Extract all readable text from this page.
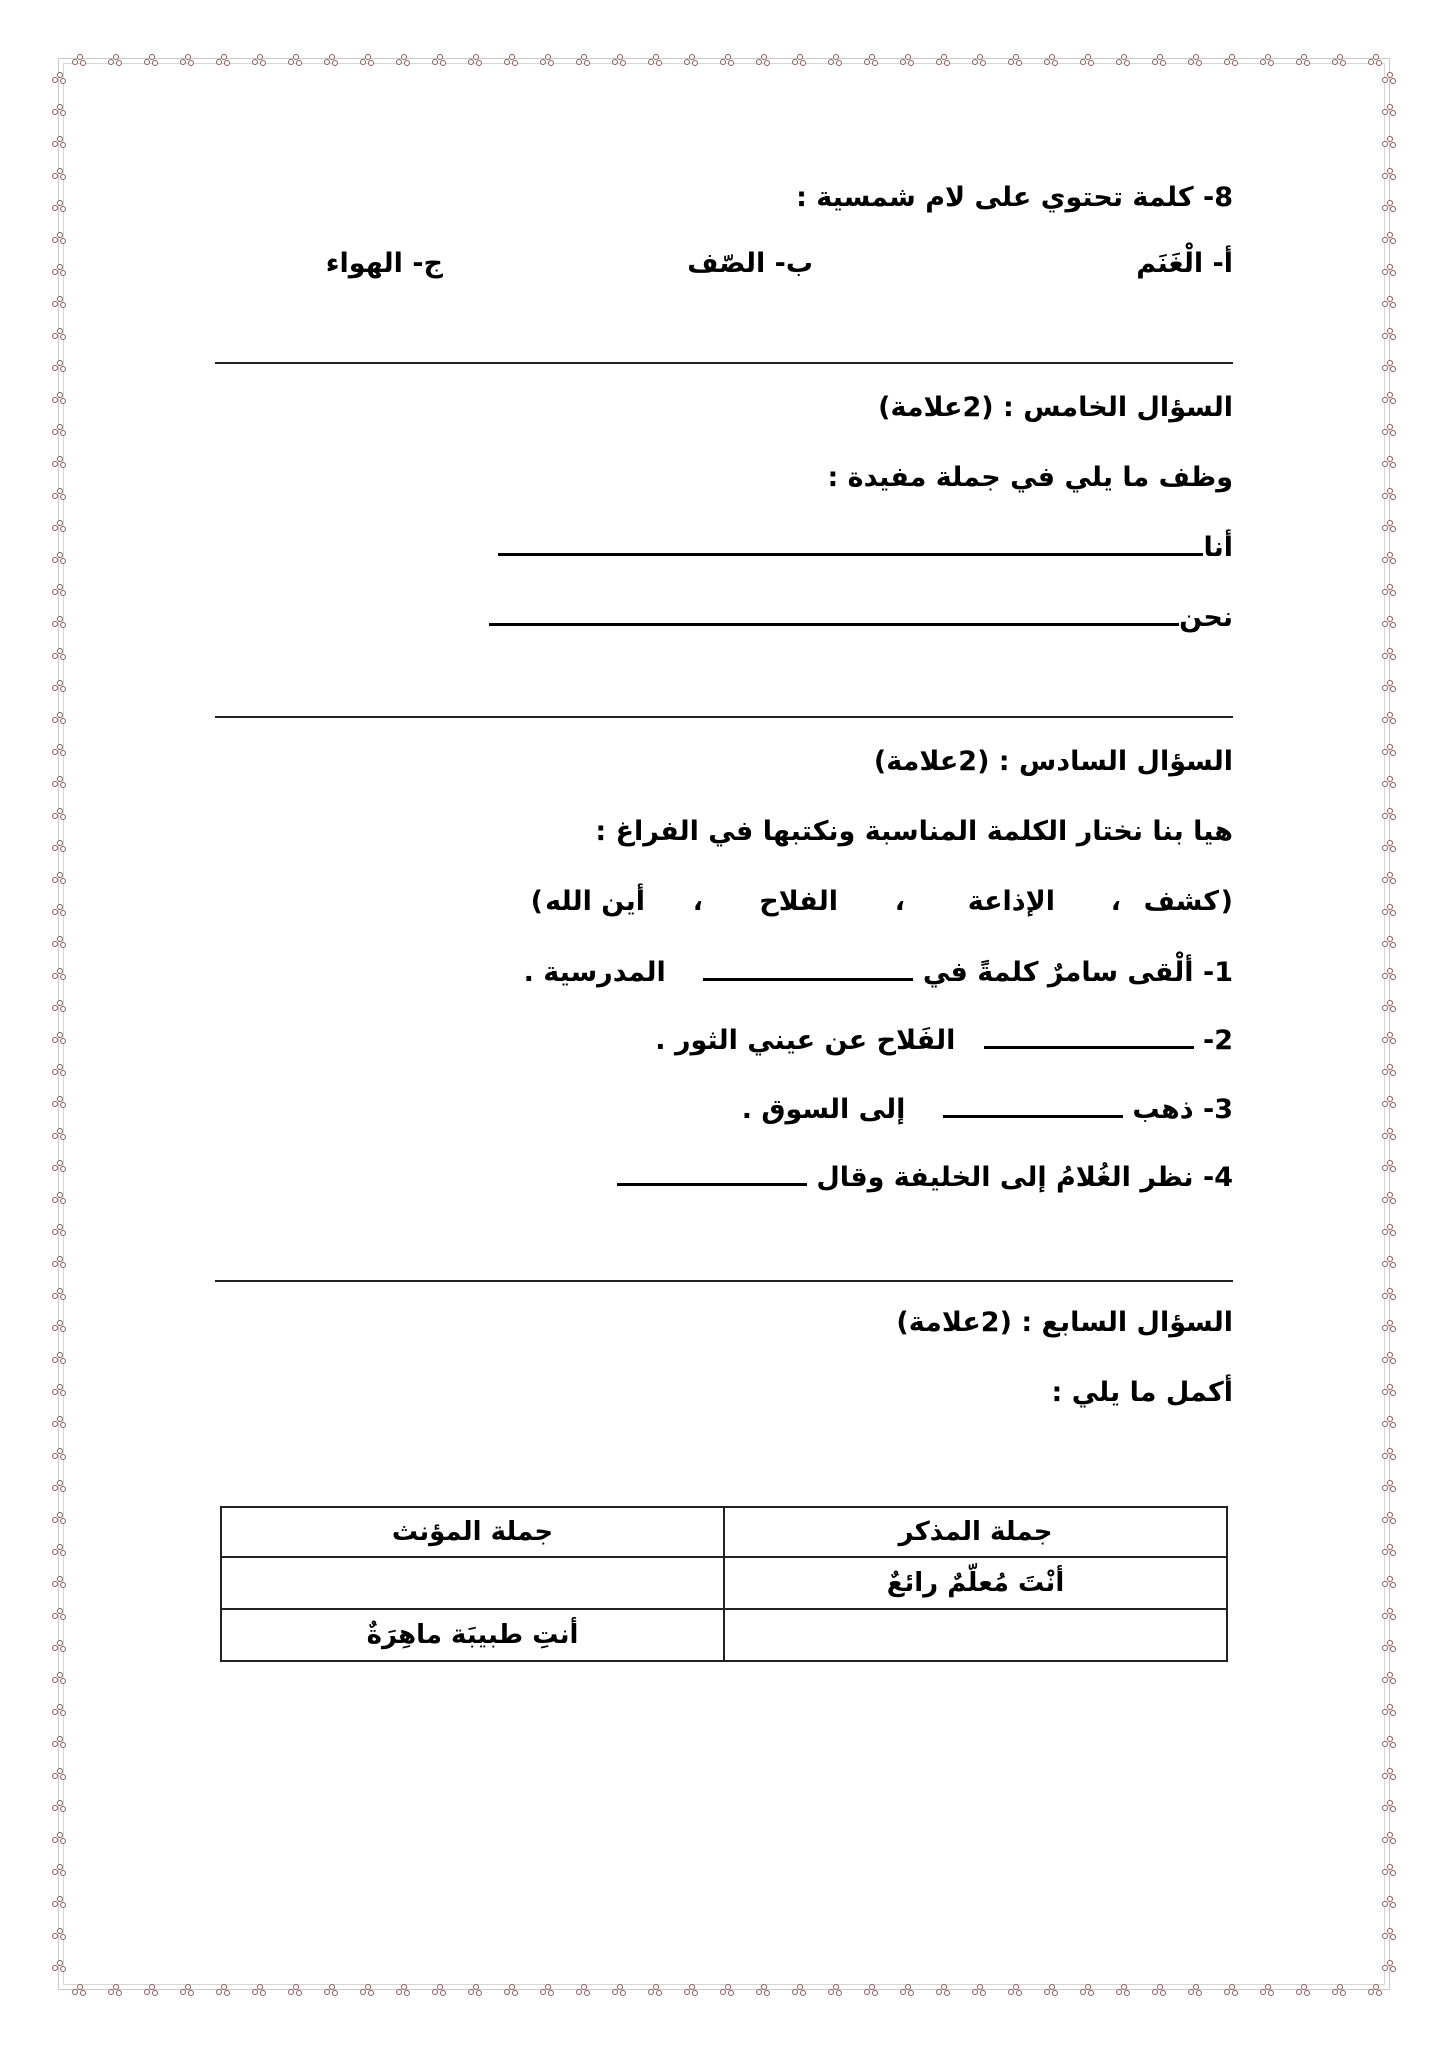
8- كلمة تحتوي على لام شمسية :
أ- الْغَنَم
ب- الصّف
ج- الهواء
السؤال الخامس : (2علامة)
وظف ما يلي في جملة مفيدة :
أنا
نحن
السؤال السادس : (2علامة)
هيا بنا نختار الكلمة المناسبة ونكتبها في الفراغ :
(
كشف
،
الإذاعة
،
الفلاح
،
أين الله
)
1- ألْقى سامرٌ كلمةً في     المدرسية .
2-    الفَلاح عن عيني الثور .
3- ذهب     إلى السوق .
4- نظر الغُلامُ إلى الخليفة وقال
السؤال السابع : (2علامة)
أكمل ما يلي :
جملة المذكر	جملة المؤنث
أنْتَ مُعلّمٌ رائعٌ	
	أنتِ طبيبَة ماهِرَةٌ
